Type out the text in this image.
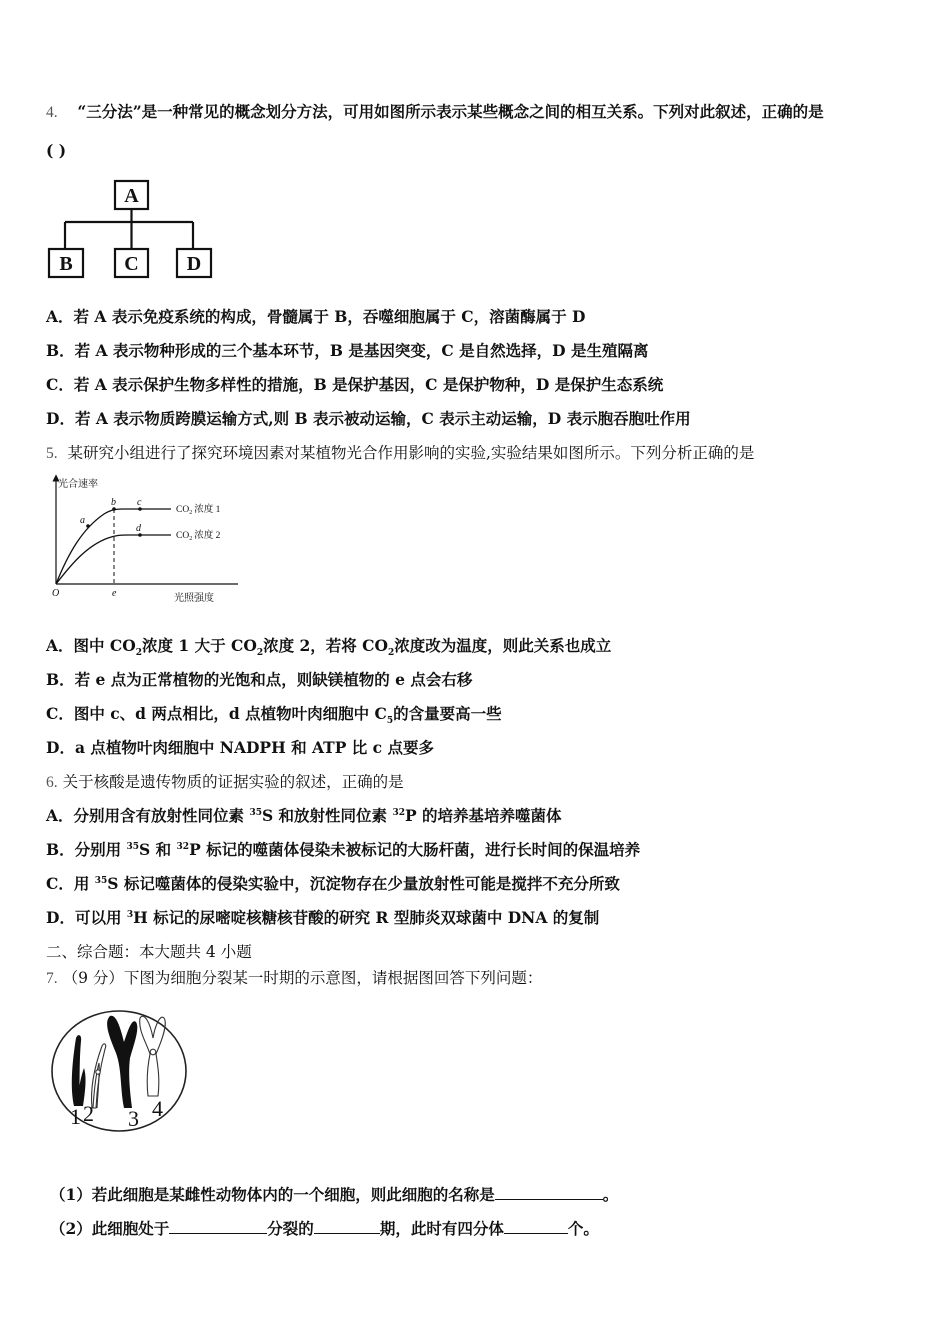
4. “三分法”是一种常见的概念划分方法，可用如图所示表示某些概念之间的相互关系。下列对此叙述，正确的是
( )
A
B	C D
A．若 A 表示免疫系统的构成，骨髓属于 B，吞噬细胞属于 C，溶菌酶属于 D
B．若 A 表示物种形成的三个基本环节，B 是基因突变，C 是自然选择，D 是生殖隔离
C．若 A 表示保护生物多样性的措施，B 是保护基因，C 是保护物种，D 是保护生态系统
D．若 A 表示物质跨膜运输方式,则 B 表示被动运输，C 表示主动运输，D 表示胞吞胞吐作用
5. 某研究小组进行了探究环境因素对某植物光合作用影响的实验,实验结果如图所示。下列分析正确的是
光合速率
光照强度
O	e
a
b c
d
$CO_2$ 浓度 1
$CO_2$ 浓度 2
A．图中 $CO_2$浓度 1 大于 $CO_2$浓度 2，若将 $CO_2$浓度改为温度，则此关系也成立
B．若 e 点为正常植物的光饱和点，则缺镁植物的 e 点会右移
C．图中 c、d 两点相比，d 点植物叶肉细胞中 $C_5$的含量要高一些
D．a 点植物叶肉细胞中 NADPH 和 ATP 比 c 点要多
6. 关于核酸是遗传物质的证据实验的叙述，正确的是
A．分别用含有放射性同位素 $^{35}$S 和放射性同位素 $^{32}$P 的培养基培养噬菌体
B．分别用 $^{35}$S 和 $^{32}$P 标记的噬菌体侵染未被标记的大肠杆菌，进行长时间的保温培养
C．用 $^{35}$S 标记噬菌体的侵染实验中，沉淀物存在少量放射性可能是搅拌不充分所致
D．可以用 $^3$H 标记的尿嘧啶核糖核苷酸的研究 R 型肺炎双球菌中 DNA 的复制
二、综合题：本大题共 4 小题
7. （9 分）下图为细胞分裂某一时期的示意图，请根据图回答下列问题：
1 2 3 4
（1）若此细胞是某雌性动物体内的一个细胞，则此细胞的名称是	。
（2）此细胞处于	分裂的	期，此时有四分体	个。
